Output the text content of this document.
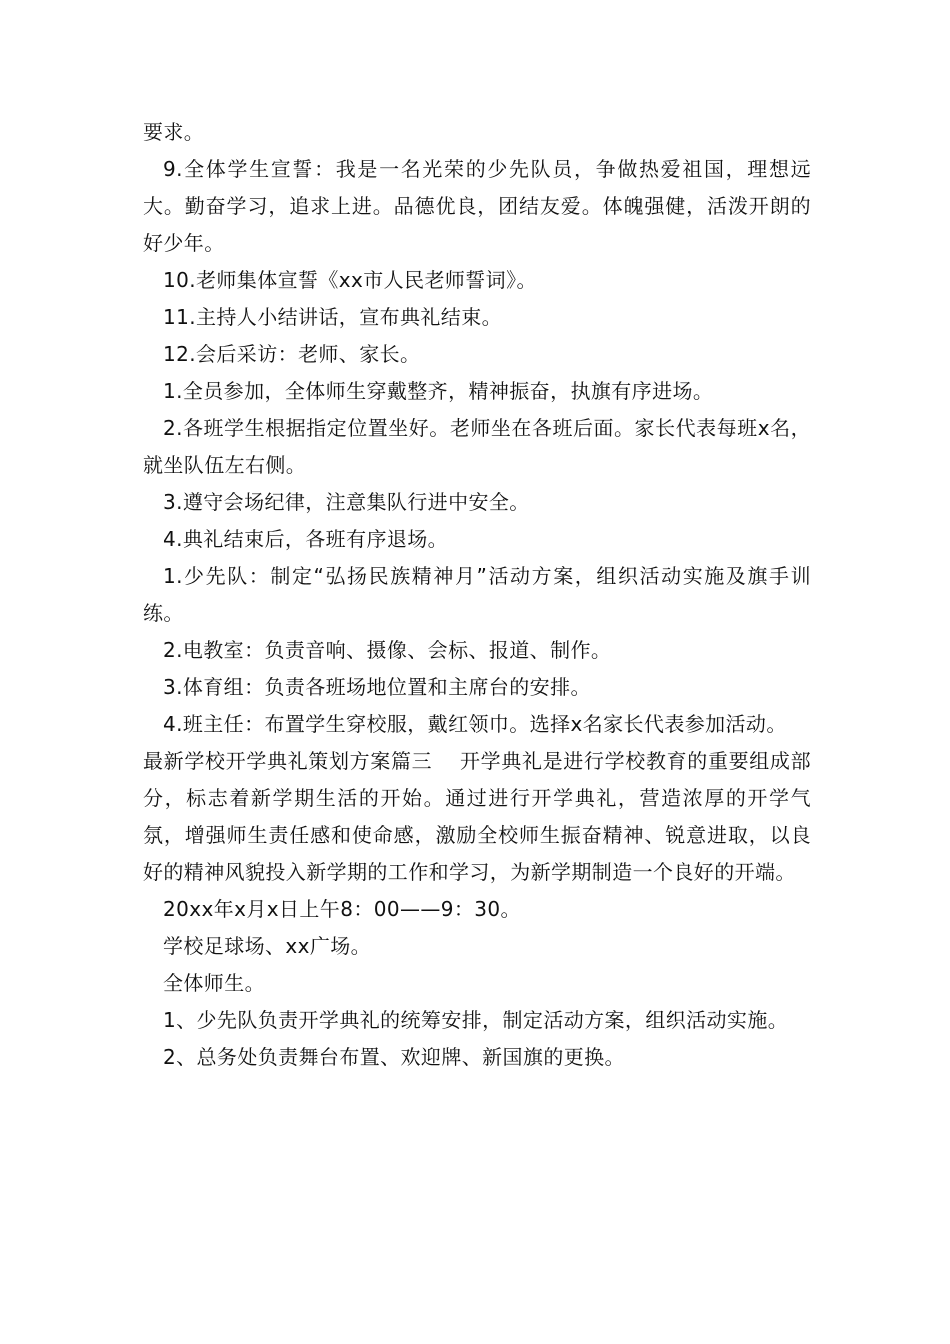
要求。

9.全体学生宣誓：我是一名光荣的少先队员，争做热爱祖国，理想远大。勤奋学习，追求上进。品德优良，团结友爱。体魄强健，活泼开朗的好少年。

10.老师集体宣誓《xx市人民老师誓词》。

11.主持人小结讲话，宣布典礼结束。

12.会后采访：老师、家长。

1.全员参加，全体师生穿戴整齐，精神振奋，执旗有序进场。

2.各班学生根据指定位置坐好。老师坐在各班后面。家长代表每班x名，就坐队伍左右侧。

3.遵守会场纪律，注意集队行进中安全。

4.典礼结束后，各班有序退场。

1.少先队：制定“弘扬民族精神月”活动方案，组织活动实施及旗手训练。

2.电教室：负责音响、摄像、会标、报道、制作。

3.体育组：负责各班场地位置和主席台的安排。

4.班主任：布置学生穿校服，戴红领巾。选择x名家长代表参加活动。

最新学校开学典礼策划方案篇三　 开学典礼是进行学校教育的重要组成部分，标志着新学期生活的开始。通过进行开学典礼，营造浓厚的开学气氛，增强师生责任感和使命感，激励全校师生振奋精神、锐意进取，以良好的精神风貌投入新学期的工作和学习，为新学期制造一个良好的开端。

20xx年x月x日上午8：00——9：30。

学校足球场、xx广场。

全体师生。

1、少先队负责开学典礼的统筹安排，制定活动方案，组织活动实施。

2、总务处负责舞台布置、欢迎牌、新国旗的更换。
